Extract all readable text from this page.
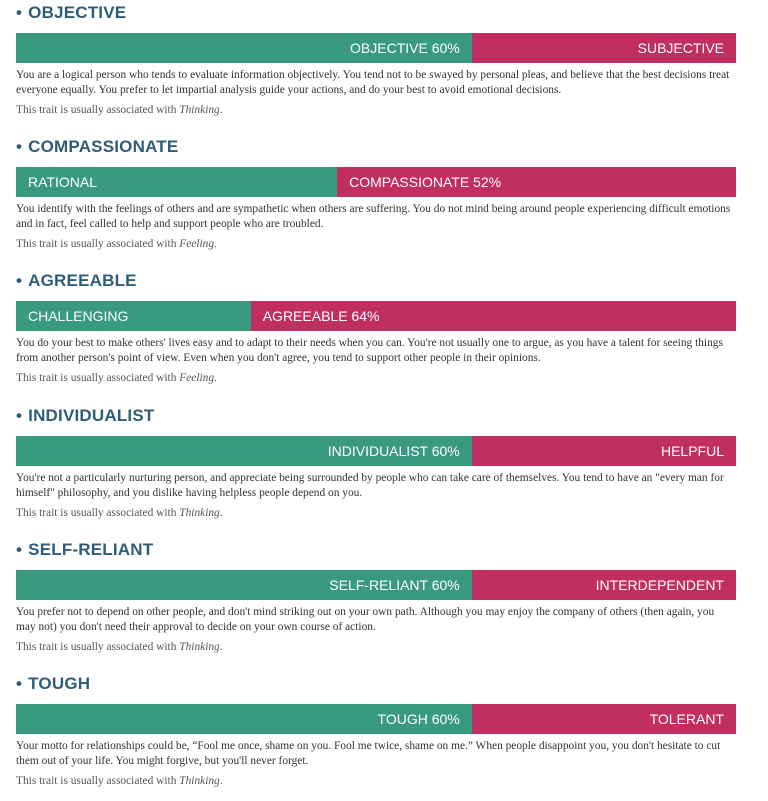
• OBJECTIVE
OBJECTIVE 60%	SUBJECTIVE

You are a logical person who tends to evaluate information objectively. You tend not to be swayed by personal pleas, and believe that the best decisions treat everyone equally. You prefer to let impartial analysis guide your actions, and do your best to avoid emotional decisions.

This trait is usually associated with Thinking.

• COMPASSIONATE
RATIONAL	COMPASSIONATE 52%

You identify with the feelings of others and are sympathetic when others are suffering. You do not mind being around people experiencing difficult emotions and in fact, feel called to help and support people who are troubled.

This trait is usually associated with Feeling.

• AGREEABLE
CHALLENGING	AGREEABLE 64%

You do your best to make others' lives easy and to adapt to their needs when you can. You're not usually one to argue, as you have a talent for seeing things from another person's point of view. Even when you don't agree, you tend to support other people in their opinions.

This trait is usually associated with Feeling.

• INDIVIDUALIST
INDIVIDUALIST 60%	HELPFUL

You're not a particularly nurturing person, and appreciate being surrounded by people who can take care of themselves. You tend to have an "every man for himself" philosophy, and you dislike having helpless people depend on you.

This trait is usually associated with Thinking.

• SELF-RELIANT
SELF-RELIANT 60%	INTERDEPENDENT

You prefer not to depend on other people, and don't mind striking out on your own path. Although you may enjoy the company of others (then again, you may not) you don't need their approval to decide on your own course of action.

This trait is usually associated with Thinking.

• TOUGH
TOUGH 60%	TOLERANT

Your motto for relationships could be, “Fool me once, shame on you. Fool me twice, shame on me.” When people disappoint you, you don't hesitate to cut them out of your life. You might forgive, but you'll never forget.

This trait is usually associated with Thinking.
